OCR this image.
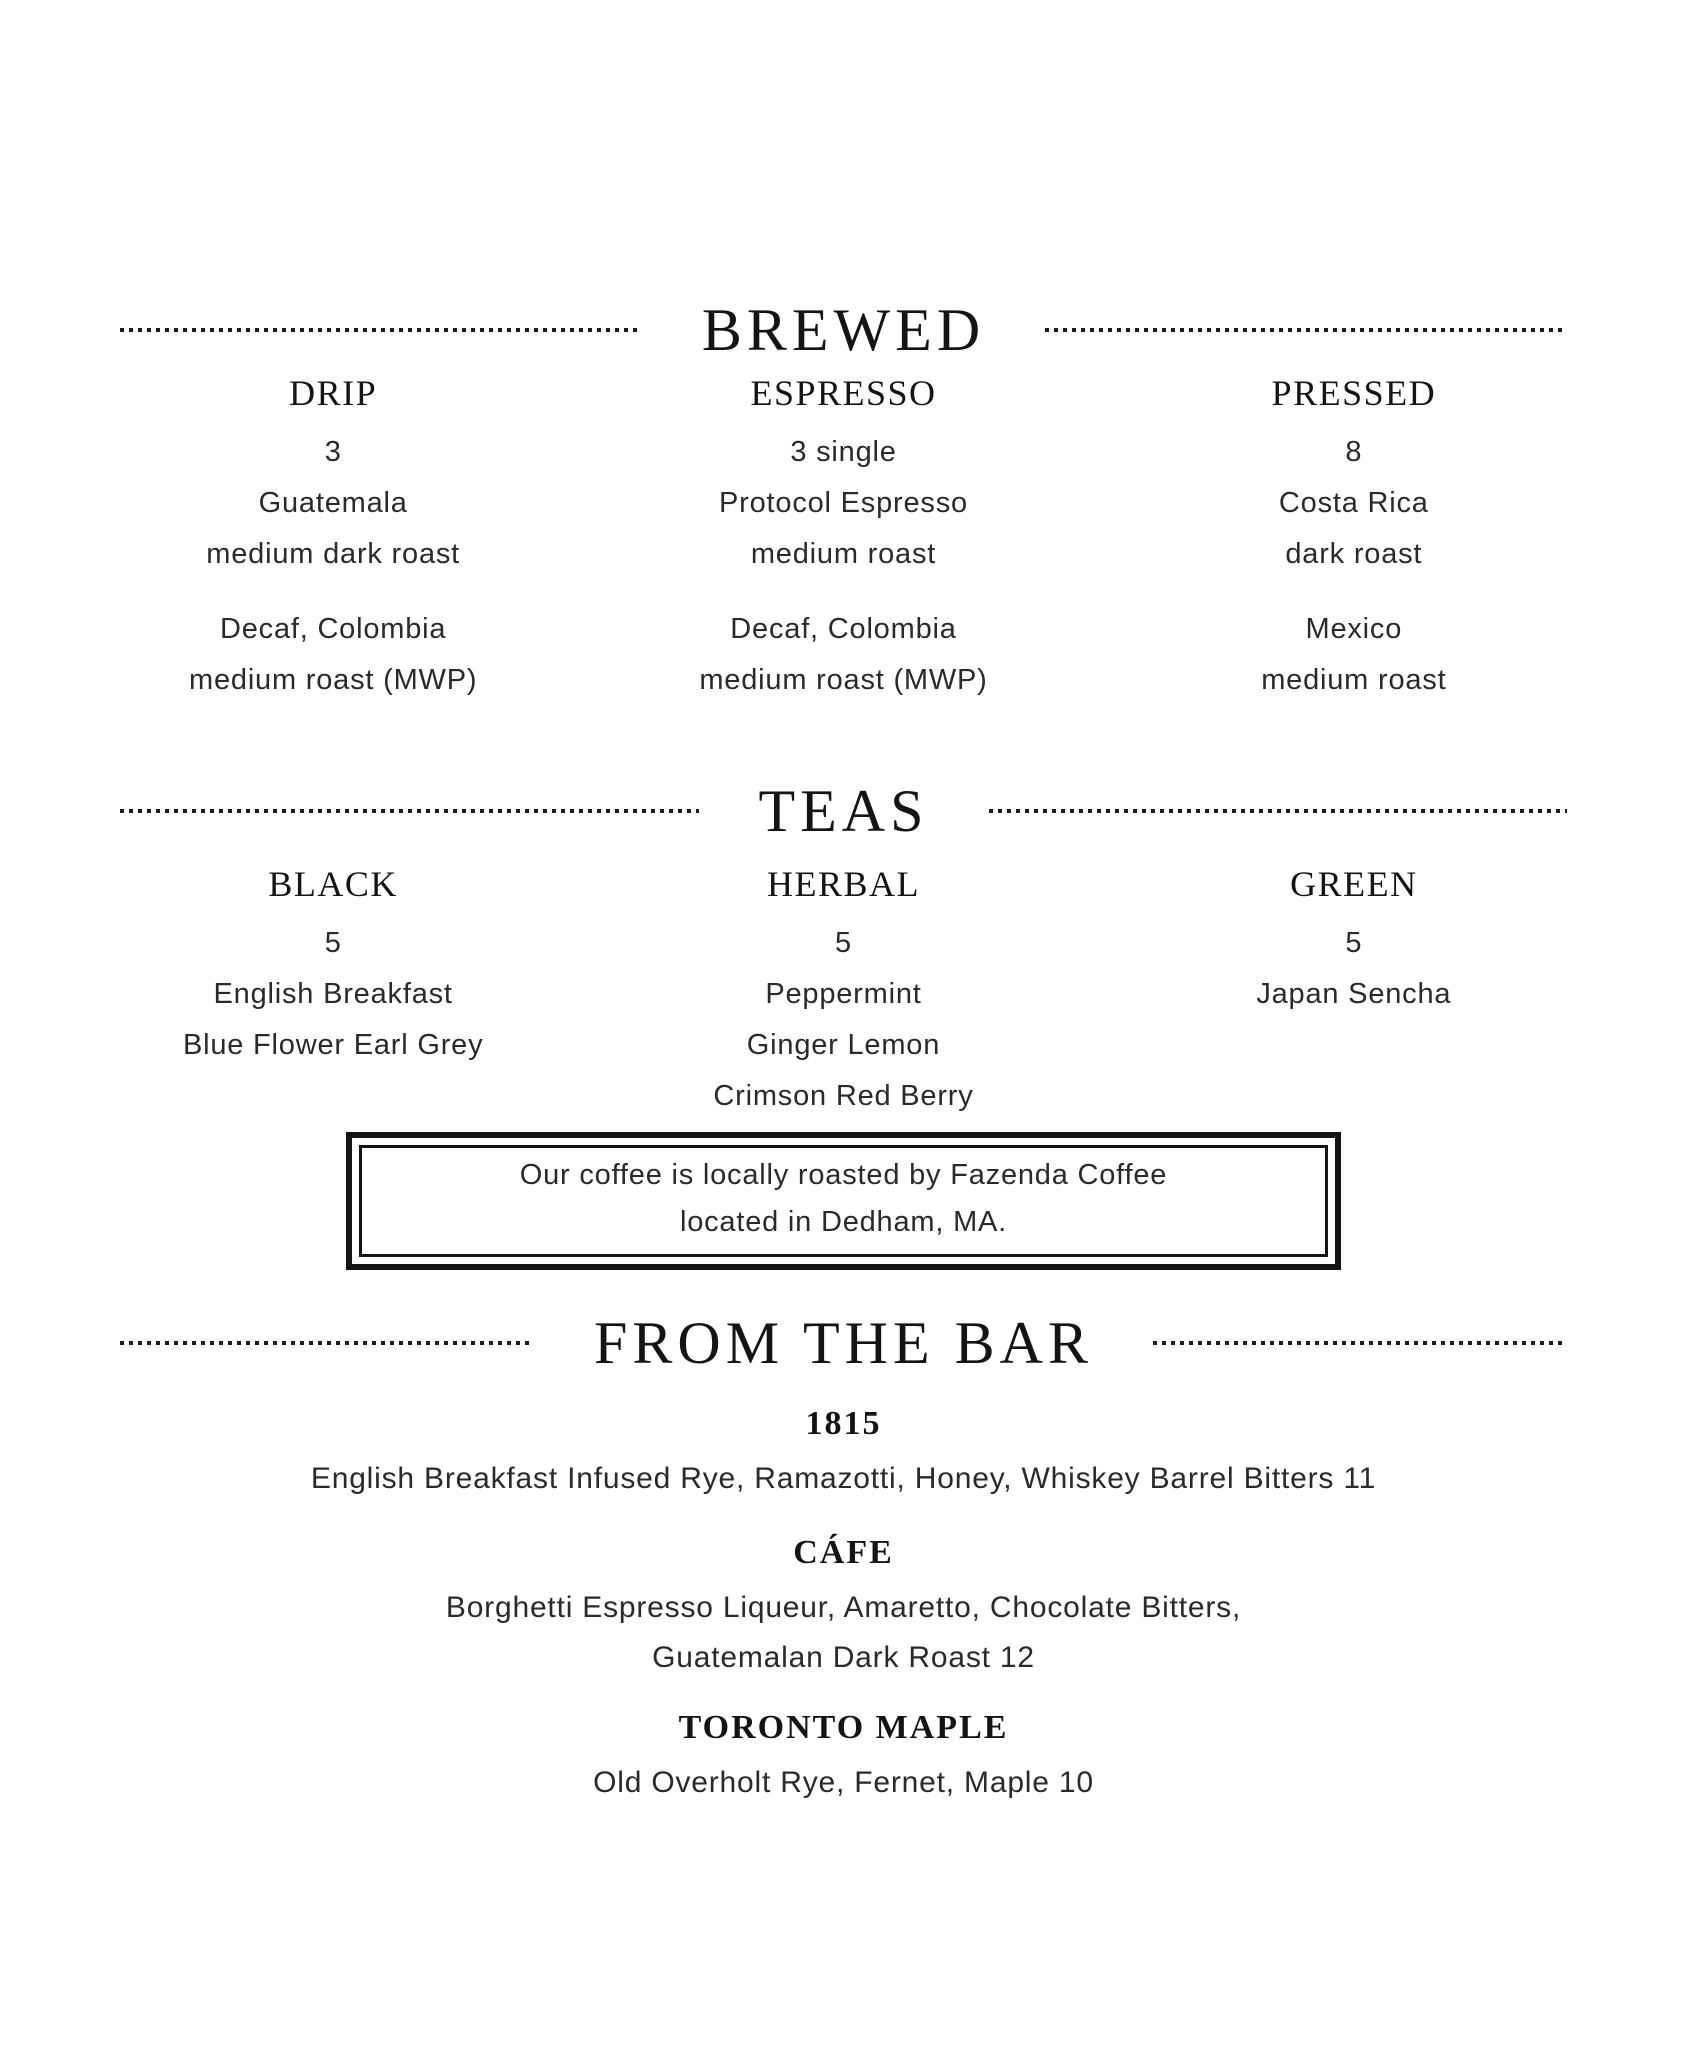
BREWED
DRIP

3

Guatemala

medium dark roast

Decaf, Colombia

medium roast (MWP)

ESPRESSO

3 single

Protocol Espresso

medium roast

Decaf, Colombia

medium roast (MWP)

PRESSED

8

Costa Rica

dark roast

Mexico

medium roast

TEAS
BLACK

5

English Breakfast

Blue Flower Earl Grey

HERBAL

5

Peppermint

Ginger Lemon

Crimson Red Berry

GREEN

5

Japan Sencha

Our coffee is locally roasted by Fazenda Coffee

located in Dedham, MA.

FROM THE BAR
1815

English Breakfast Infused Rye, Ramazotti, Honey, Whiskey Barrel Bitters 11

CÁFE

Borghetti Espresso Liqueur, Amaretto, Chocolate Bitters,

Guatemalan Dark Roast 12

TORONTO MAPLE

Old Overholt Rye, Fernet, Maple 10
